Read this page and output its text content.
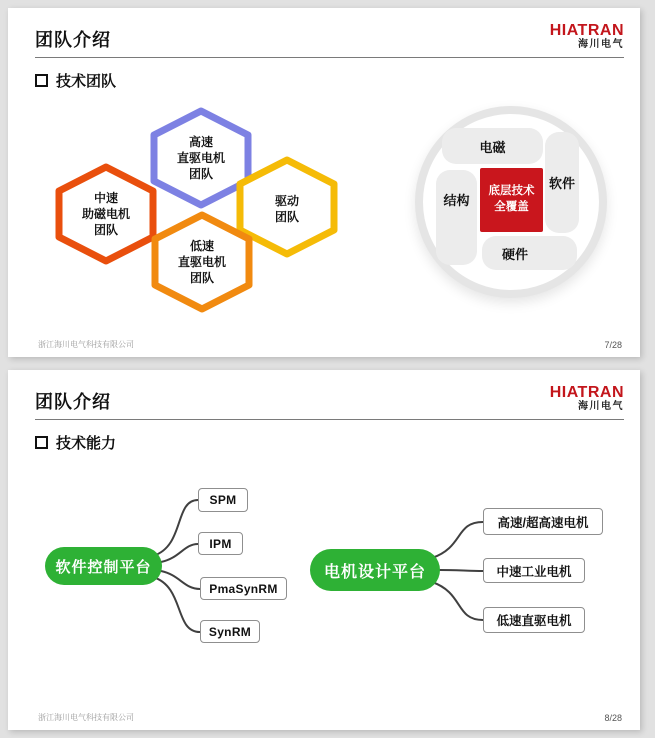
团队介绍	HIATRAN
海川电气
技术团队
高速
直驱电机
团队
中速
助磁电机
团队
低速
直驱电机
团队
驱动
团队
电磁
软件
硬件
结构
底层技术
全覆盖
浙江海川电气科技有限公司	7/28
团队介绍	HIATRAN
海川电气
技术能力
软件控制平台
SPM
IPM
PmaSynRM
SynRM
电机设计平台
高速/超高速电机
中速工业电机
低速直驱电机
浙江海川电气科技有限公司	8/28
